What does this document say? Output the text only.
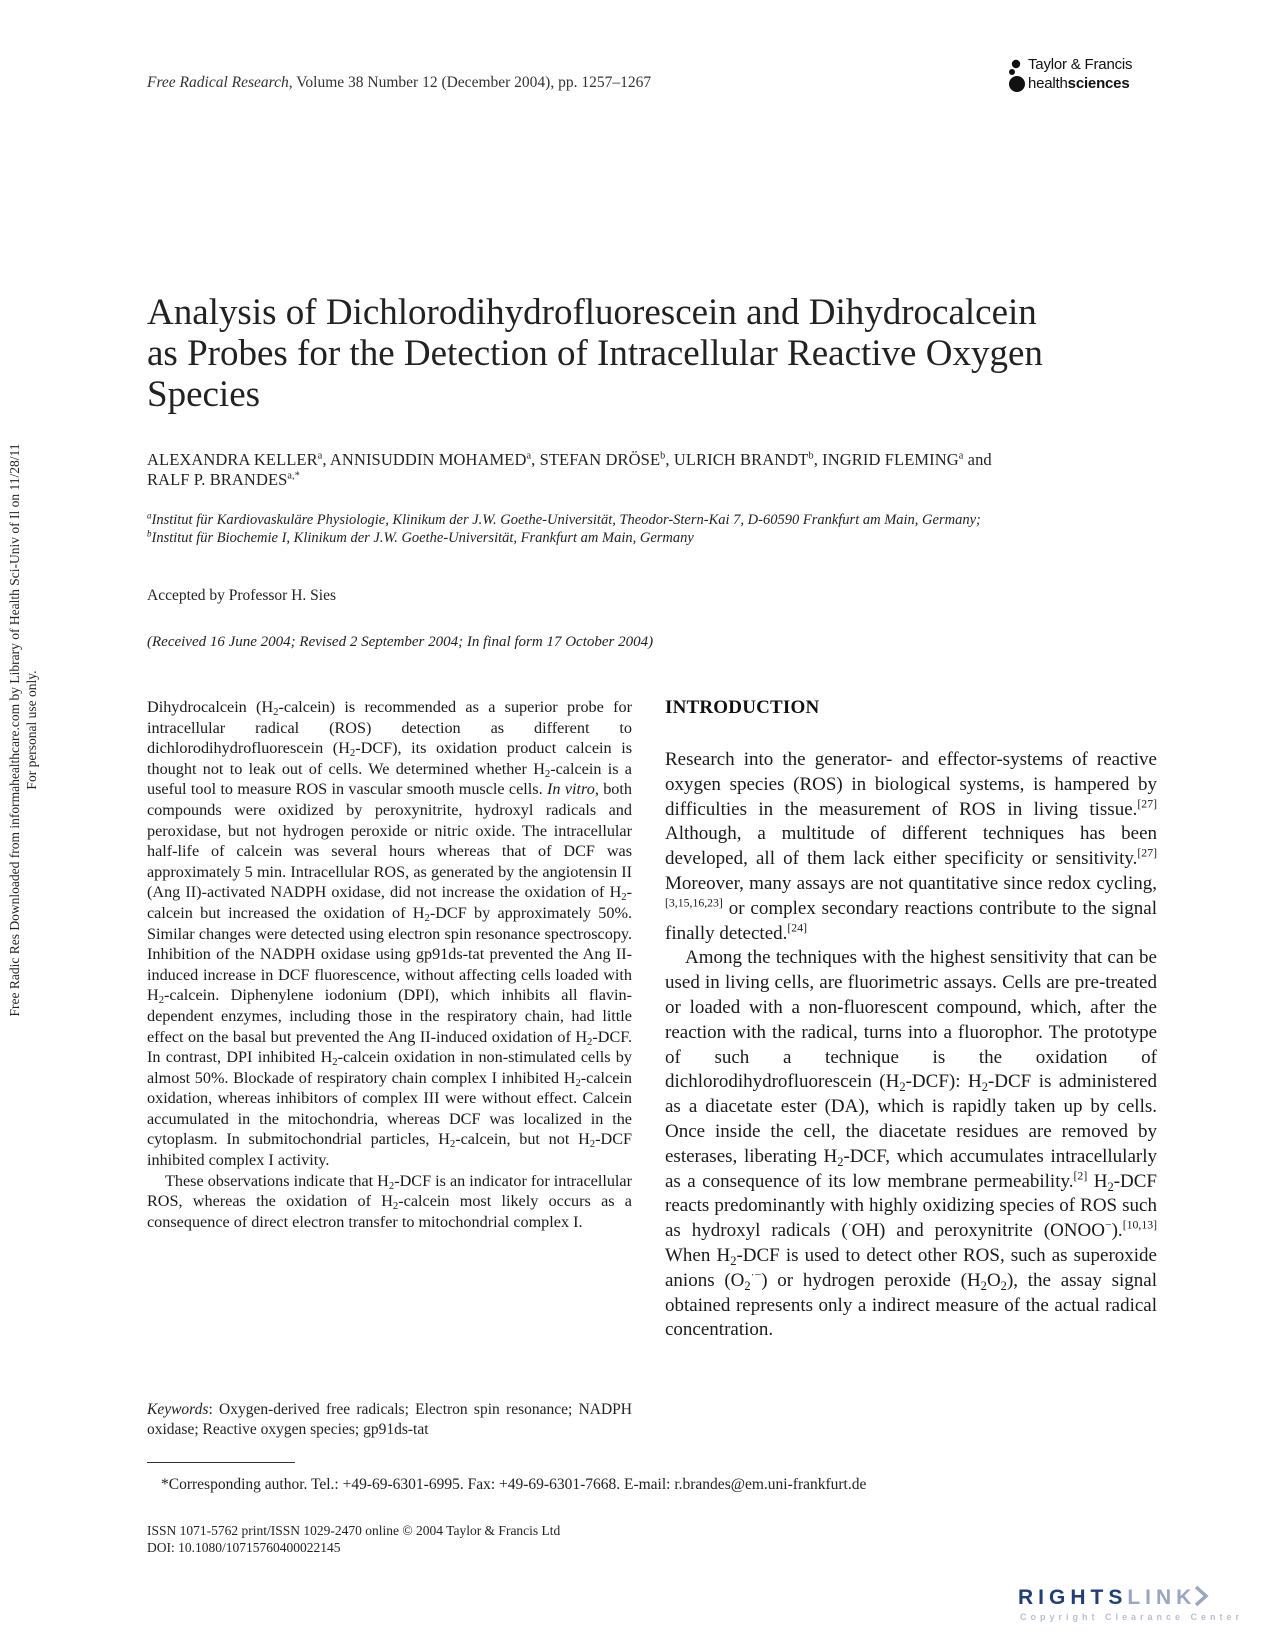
Free Radical Research, Volume 38 Number 12 (December 2004), pp. 1257–1267
Taylor & Francis
healthsciences
Free Radic Res Downloaded from informahealthcare.com by Library of Health Sci-Univ of Il on 11/28/11 For personal use only.
Analysis of Dichlorodihydrofluorescein and Dihydrocalcein
as Probes for the Detection of Intracellular Reactive Oxygen
Species
ALEXANDRA KELLER$^a$, ANNISUDDIN MOHAMED$^a$, STEFAN DRÖSE$^b$, ULRICH BRANDT$^b$, INGRID FLEMING$^a$ and
RALF P. $BRANDES^{a,*}$
$^a$Institut für Kardiovaskuläre Physiologie, Klinikum der J.W. Goethe-Universität, Theodor-Stern-Kai 7, D-60590 Frankfurt am Main, Germany;
$^b$Institut für Biochemie I, Klinikum der J.W. Goethe-Universität, Frankfurt am Main, Germany
Accepted by Professor H. Sies
(Received 16 June 2004; Revised 2 September 2004; In final form 17 October 2004)

Dihydrocalcein $(H_2-calcein)$ is recommended as a superior probe for intracellular radical (ROS) detection as different to dichlorodihydrofluorescein $(H_2-DCF)$, its oxidation product calcein is thought not to leak out of cells. We determined whether $H_2$-calcein is a useful tool to measure ROS in vascular smooth muscle cells. In vitro, both compounds were oxidized by peroxynitrite, hydroxyl radicals and peroxidase, but not hydrogen peroxide or nitric oxide. The intracellular half-life of calcein was several hours whereas that of DCF was approximately 5 min. Intracellular ROS, as generated by the angiotensin II (Ang II)-activated NADPH oxidase, did not increase the oxidation of $H_2$-calcein but increased the oxidation of $H_2$-DCF by approximately 50%. Similar changes were detected using electron spin resonance spectroscopy. Inhibition of the NADPH oxidase using gp91ds-tat prevented the Ang II-induced increase in DCF fluorescence, without affecting cells loaded with $H_2$-calcein. Diphenylene iodonium (DPI), which inhibits all flavin-dependent enzymes, including those in the respiratory chain, had little effect on the basal but prevented the Ang II-induced oxidation of $H_2$-DCF. In contrast, DPI inhibited $H_2$-calcein oxidation in non-stimulated cells by almost 50%. Blockade of respiratory chain complex I inhibited $H_2$-calcein oxidation, whereas inhibitors of complex III were without effect. Calcein accumulated in the mitochondria, whereas DCF was localized in the cytoplasm. In submitochondrial particles, $H_2$-calcein, but not $H_2$-DCF inhibited complex I activity.

These observations indicate that $H_2$-DCF is an indicator for intracellular ROS, whereas the oxidation of $H_2$-calcein most likely occurs as a consequence of direct electron transfer to mitochondrial complex I.

Keywords: Oxygen-derived free radicals; Electron spin resonance; NADPH oxidase; Reactive oxygen species; gp91ds-tat
INTRODUCTION

Research into the generator- and effector-systems of reactive oxygen species (ROS) in biological systems, is hampered by difficulties in the measurement of ROS in living tissue.[27] Although, a multitude of different techniques has been developed, all of them lack either specificity or sensitivity.[27] Moreover, many assays are not quantitative since redox cycling,[3,15,16,23] or complex secondary reactions contribute to the signal finally detected.[24]

Among the techniques with the highest sensitivity that can be used in living cells, are fluorimetric assays. Cells are pre-treated or loaded with a non-fluorescent compound, which, after the reaction with the radical, turns into a fluorophor. The prototype of such a technique is the oxidation of dichlorodihydrofluorescein $(H_2-DCF)$: $H_2$-DCF is administered as a diacetate ester (DA), which is rapidly taken up by cells. Once inside the cell, the diacetate residues are removed by esterases, liberating $H_2$-DCF, which accumulates intracellularly as a consequence of its low membrane permeability.[2] $H_2$-DCF reacts predominantly with highly oxidizing species of ROS such as hydroxyl radicals (·OH) and peroxynitrite (ONOO−).[10,13] When $H_2$-DCF is used to detect other ROS, such as superoxide anions $(O_2^{\cdot-})$ or hydrogen peroxide $(H_2O_2)$, the assay signal obtained represents only a indirect measure of the actual radical concentration.

*Corresponding author. Tel.: +49-69-6301-6995. Fax: +49-69-6301-7668. E-mail: r.brandes@em.uni-frankfurt.de
ISSN 1071-5762 print/ISSN 1029-2470 online © 2004 Taylor & Francis Ltd
DOI: 10.1080/10715760400022145
RIGHTSLINK
Copyright Clearance Center
